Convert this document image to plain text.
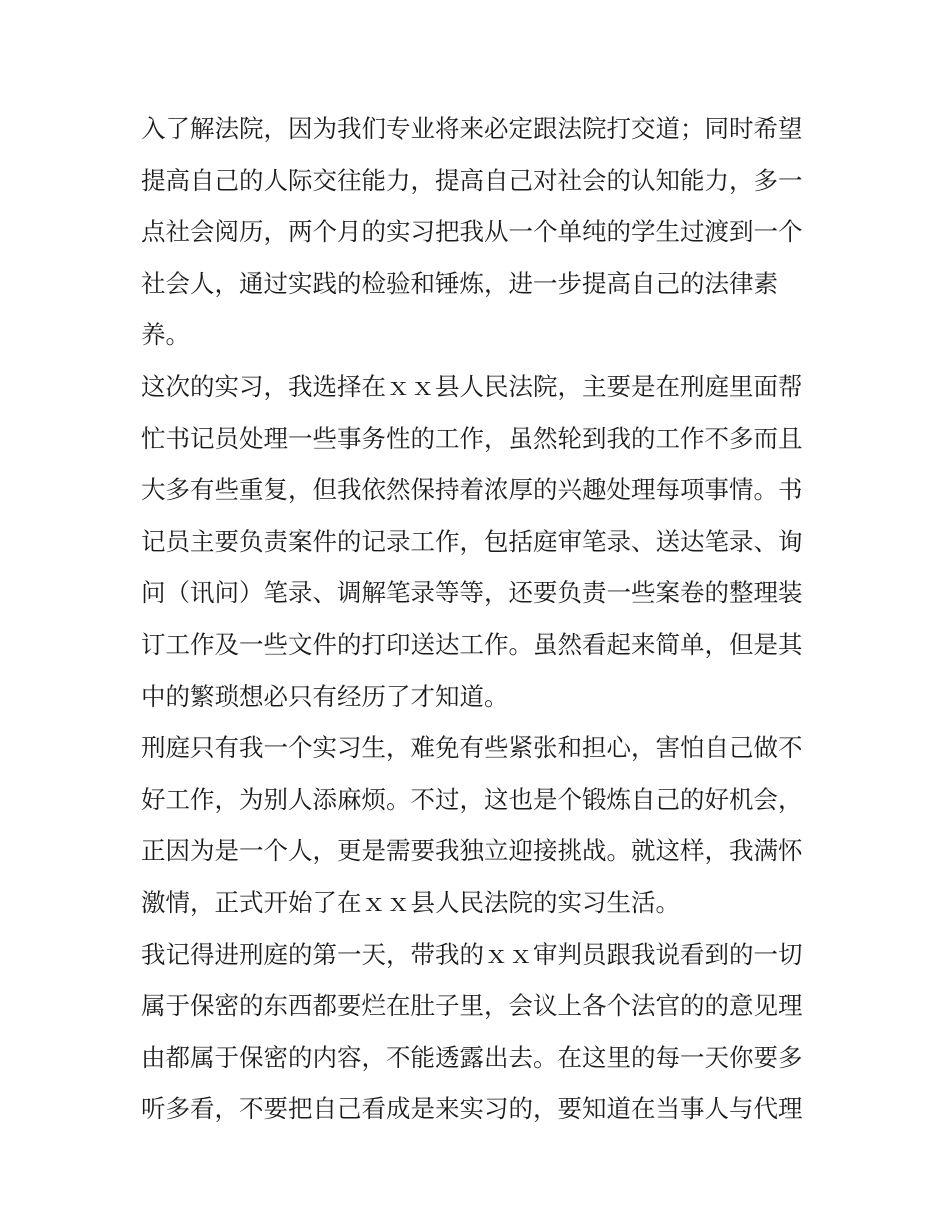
入了解法院，因为我们专业将来必定跟法院打交道；同时希望
提高自己的人际交往能力，提高自己对社会的认知能力，多一
点社会阅历，两个月的实习把我从一个单纯的学生过渡到一个
社会人，通过实践的检验和锤炼，进一步提高自己的法律素
养。
这次的实习，我选择在ｘｘ县人民法院，主要是在刑庭里面帮
忙书记员处理一些事务性的工作，虽然轮到我的工作不多而且
大多有些重复，但我依然保持着浓厚的兴趣处理每项事情。书
记员主要负责案件的记录工作，包括庭审笔录、送达笔录、询
问（讯问）笔录、调解笔录等等，还要负责一些案卷的整理装
订工作及一些文件的打印送达工作。虽然看起来简单，但是其
中的繁琐想必只有经历了才知道。
刑庭只有我一个实习生，难免有些紧张和担心，害怕自己做不
好工作，为别人添麻烦。不过，这也是个锻炼自己的好机会，
正因为是一个人，更是需要我独立迎接挑战。就这样，我满怀
激情，正式开始了在ｘｘ县人民法院的实习生活。
我记得进刑庭的第一天，带我的ｘｘ审判员跟我说看到的一切
属于保密的东西都要烂在肚子里，会议上各个法官的的意见理
由都属于保密的内容，不能透露出去。在这里的每一天你要多
听多看，不要把自己看成是来实习的，要知道在当事人与代理
